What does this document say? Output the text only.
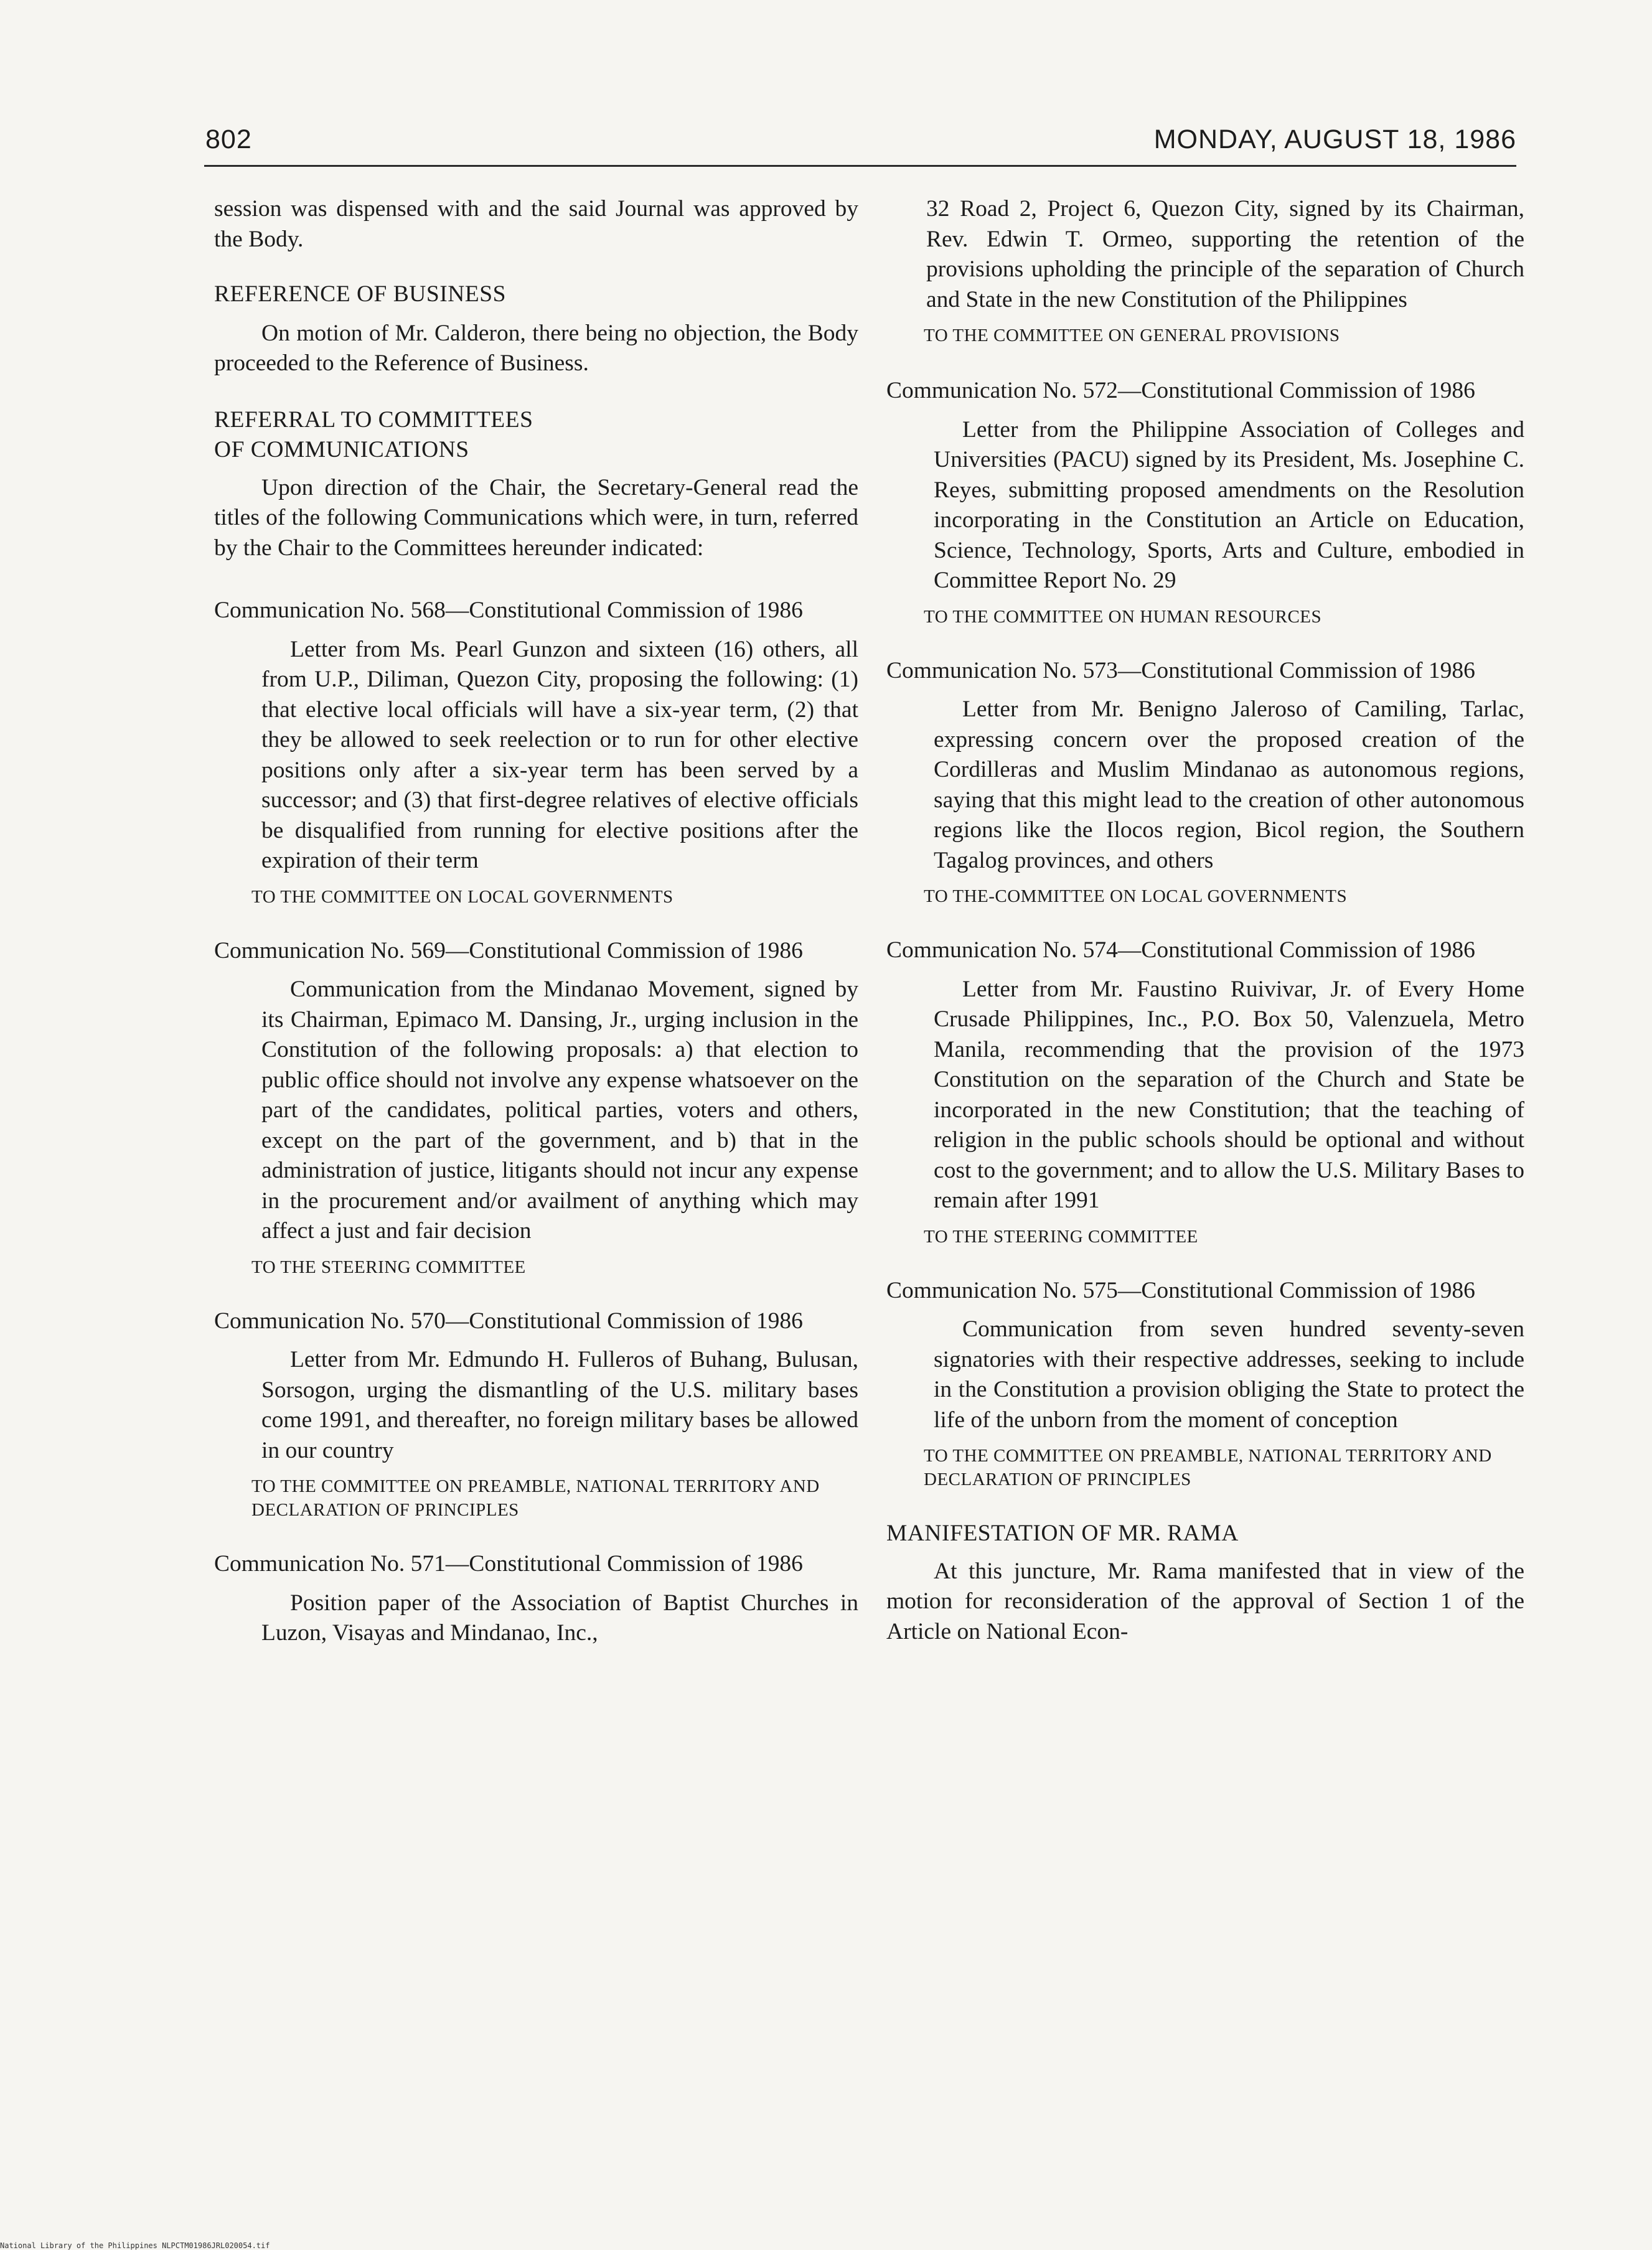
802	MONDAY, AUGUST 18, 1986

session was dispensed with and the said Journal was approved by the Body.

REFERENCE OF BUSINESS

On motion of Mr. Calderon, there being no objection, the Body proceeded to the Reference of Business.

REFERRAL TO COMMITTEES

OF COMMUNICATIONS

Upon direction of the Chair, the Secretary-General read the titles of the following Communications which were, in turn, referred by the Chair to the Committees hereunder indicated:

Communication No. 568—Constitutional Commission of 1986

Letter from Ms. Pearl Gunzon and sixteen (16) others, all from U.P., Diliman, Quezon City, proposing the following: (1) that elective local officials will have a six-year term, (2) that they be allowed to seek reelection or to run for other elective positions only after a six-year term has been served by a successor; and (3) that first-degree relatives of elective officials be disqualified from running for elective positions after the expiration of their term

TO THE COMMITTEE ON LOCAL GOVERNMENTS

Communication No. 569—Constitutional Commission of 1986

Communication from the Mindanao Movement, signed by its Chairman, Epimaco M. Dansing, Jr., urging inclusion in the Constitution of the following proposals: a) that election to public office should not involve any expense whatsoever on the part of the candidates, political parties, voters and others, except on the part of the government, and b) that in the administration of justice, litigants should not incur any expense in the procurement and/or availment of anything which may affect a just and fair decision

TO THE STEERING COMMITTEE

Communication No. 570—Constitutional Commission of 1986

Letter from Mr. Edmundo H. Fulleros of Buhang, Bulusan, Sorsogon, urging the dismantling of the U.S. military bases come 1991, and thereafter, no foreign military bases be allowed in our country

TO THE COMMITTEE ON PREAMBLE, NATIONAL TERRITORY AND DECLARATION OF PRINCIPLES

Communication No. 571—Constitutional Commission of 1986

Position paper of the Association of Baptist Churches in Luzon, Visayas and Mindanao, Inc.,

32 Road 2, Project 6, Quezon City, signed by its Chairman, Rev. Edwin T. Ormeo, supporting the retention of the provisions upholding the principle of the separation of Church and State in the new Constitution of the Philippines

TO THE COMMITTEE ON GENERAL PROVISIONS

Communication No. 572—Constitutional Commission of 1986

Letter from the Philippine Association of Colleges and Universities (PACU) signed by its President, Ms. Josephine C. Reyes, submitting proposed amendments on the Resolution incorporating in the Constitution an Article on Education, Science, Technology, Sports, Arts and Culture, embodied in Committee Report No. 29

TO THE COMMITTEE ON HUMAN RESOURCES

Communication No. 573—Constitutional Commission of 1986

Letter from Mr. Benigno Jaleroso of Camiling, Tarlac, expressing concern over the proposed creation of the Cordilleras and Muslim Mindanao as autonomous regions, saying that this might lead to the creation of other autonomous regions like the Ilocos region, Bicol region, the Southern Tagalog provinces, and others

TO THE-COMMITTEE ON LOCAL GOVERNMENTS

Communication No. 574—Constitutional Commission of 1986

Letter from Mr. Faustino Ruivivar, Jr. of Every Home Crusade Philippines, Inc., P.O. Box 50, Valenzuela, Metro Manila, recommending that the provision of the 1973 Constitution on the separation of the Church and State be incorporated in the new Constitution; that the teaching of religion in the public schools should be optional and without cost to the government; and to allow the U.S. Military Bases to remain after 1991

TO THE STEERING COMMITTEE

Communication No. 575—Constitutional Commission of 1986

Communication from seven hundred seventy-seven signatories with their respective addresses, seeking to include in the Constitution a provision obliging the State to protect the life of the unborn from the moment of conception

TO THE COMMITTEE ON PREAMBLE, NATIONAL TERRITORY AND DECLARATION OF PRINCIPLES

MANIFESTATION OF MR. RAMA

At this juncture, Mr. Rama manifested that in view of the motion for reconsideration of the approval of Section 1 of the Article on National Econ-

National Library of the Philippines NLPCTM01986JRL020054.tif
